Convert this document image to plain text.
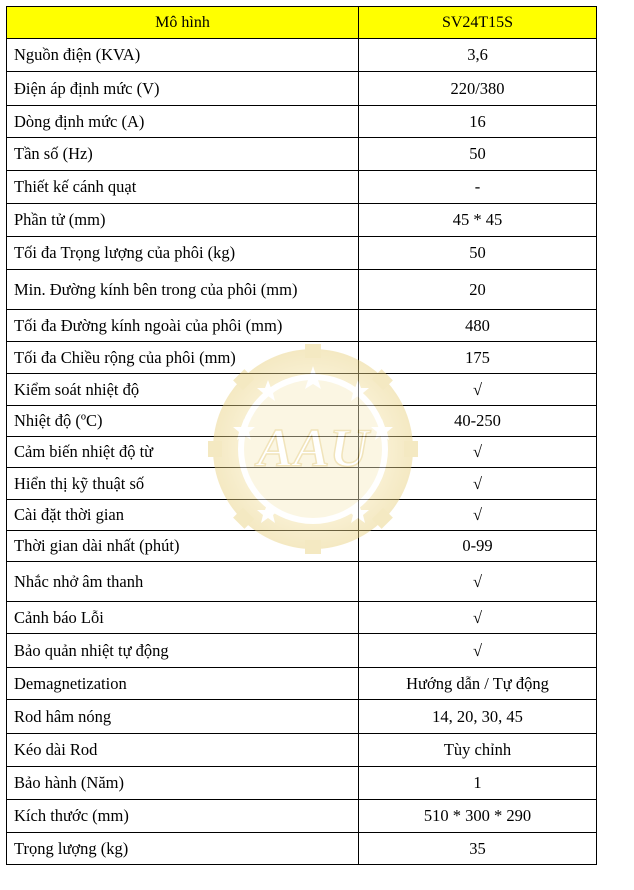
Mô hình	SV24T15S
Nguồn điện (KVA)	3,6
Điện áp định mức (V)	220/380
Dòng định mức (A)	16
Tần số (Hz)	50
Thiết kế cánh quạt	-
Phần tử (mm)	45 * 45
Tối đa Trọng lượng của phôi (kg)	50
Min. Đường kính bên trong của phôi (mm)	20
Tối đa Đường kính ngoài của phôi (mm)	480
Tối đa Chiều rộng của phôi (mm)	175
Kiểm soát nhiệt độ	√
Nhiệt độ (ºC)	40-250
Cảm biến nhiệt độ từ	√
Hiển thị kỹ thuật số	√
Cài đặt thời gian	√
Thời gian dài nhất (phút)	0-99
Nhắc nhở âm thanh	√
Cảnh báo Lỗi	√
Bảo quản nhiệt tự động	√
Demagnetization	Hướng dẫn / Tự động
Rod hâm nóng	14, 20, 30, 45
Kéo dài Rod	Tùy chỉnh
Bảo hành (Năm)	1
Kích thước (mm)	510 * 300 * 290
Trọng lượng (kg)	35
AAU
